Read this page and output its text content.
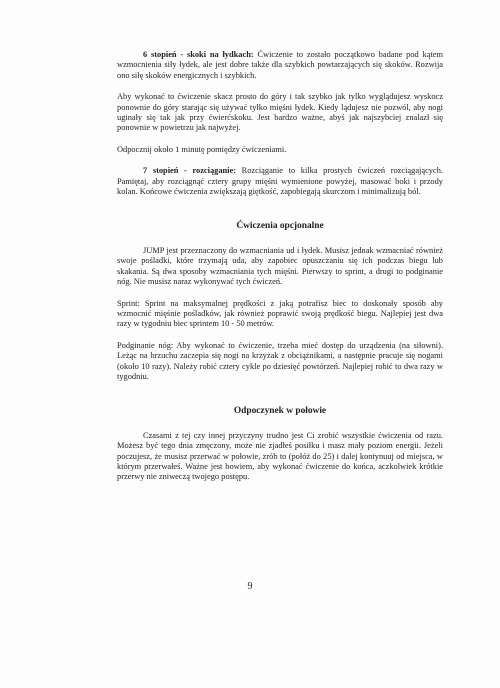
6 stopień - skoki na łydkach: Ćwiczenie to zostało początkowo badane pod kątem wzmocnienia siły łydek, ale jest dobre także dla szybkich powtarzających się skoków. Rozwija ono siłę skoków energicznych i szybkich.

Aby wykonać to ćwiczenie skacz prosto do góry i tak szybko jak tylko wyglądujesz wyskocz ponownie do góry starając się używać tylko mięśni łydek. Kiedy lądujesz nie pozwól, aby nogi uginały się tak jak przy ćwierćskoku. Jest bardzo ważne, abyś jak najszybciej znalazł się ponownie w powietrzu jak najwyżej.

Odpocznij około 1 minutę pomiędzy ćwiczeniami.

7 stopień - rozciąganie: Rozciąganie to kilka prostych ćwiczeń rozciągających. Pamiętaj, aby rozciągnąć cztery grupy mięśni wymienione powyżej, masować boki i przody kolan. Końcowe ćwiczenia zwiększają giętkość, zapobiegają skurczom i minimalizują ból.

Ćwiczenia opcjonalne

JUMP jest przeznaczony do wzmacniania ud i łydek. Musisz jednak wzmacniać również swoje pośladki, które trzymają uda, aby zapobiec opuszczaniu się ich podczas biegu lub skakania. Są dwa sposoby wzmacniania tych mięśni. Pierwszy to sprint, a drugi to podginanie nóg. Nie musisz naraz wykonywać tych ćwiczeń.

Sprint: Sprint na maksymalnej prędkości z jaką potrafisz biec to doskonały sposób aby wzmocnić mięśnie pośladków, jak również poprawić swoją prędkość biegu. Najlepiej jest dwa razy w tygodniu biec sprintem 10 - 50 metrów.

Podginanie nóg: Aby wykonać to ćwiczenie, trzeba mieć dostęp do urządzenia (na siłowni). Leżąc na brzuchu zaczepia się nogi na krzyżak z obciążnikami, a następnie pracuje się nogami (około 10 razy). Należy robić cztery cykle po dziesięć powtórzeń. Najlepiej robić to dwa razy w tygodniu.

Odpoczynek w połowie

Czasami z tej czy innej przyczyny trudno jest Ci zrobić wszystkie ćwiczenia od razu. Możesz być tego dnia zmęczony, może nie zjadłeś posiłku i masz mały poziom energii. Jeżeli poczujesz, że musisz przerwać w połowie, zrób to (połóż do 25) i dalej kontynuuj od miejsca, w którym przerwałeś. Ważne jest bowiem, aby wykonać ćwiczenie do końca, aczkolwiek krótkie przerwy nie zniweczą twojego postępu.

9
